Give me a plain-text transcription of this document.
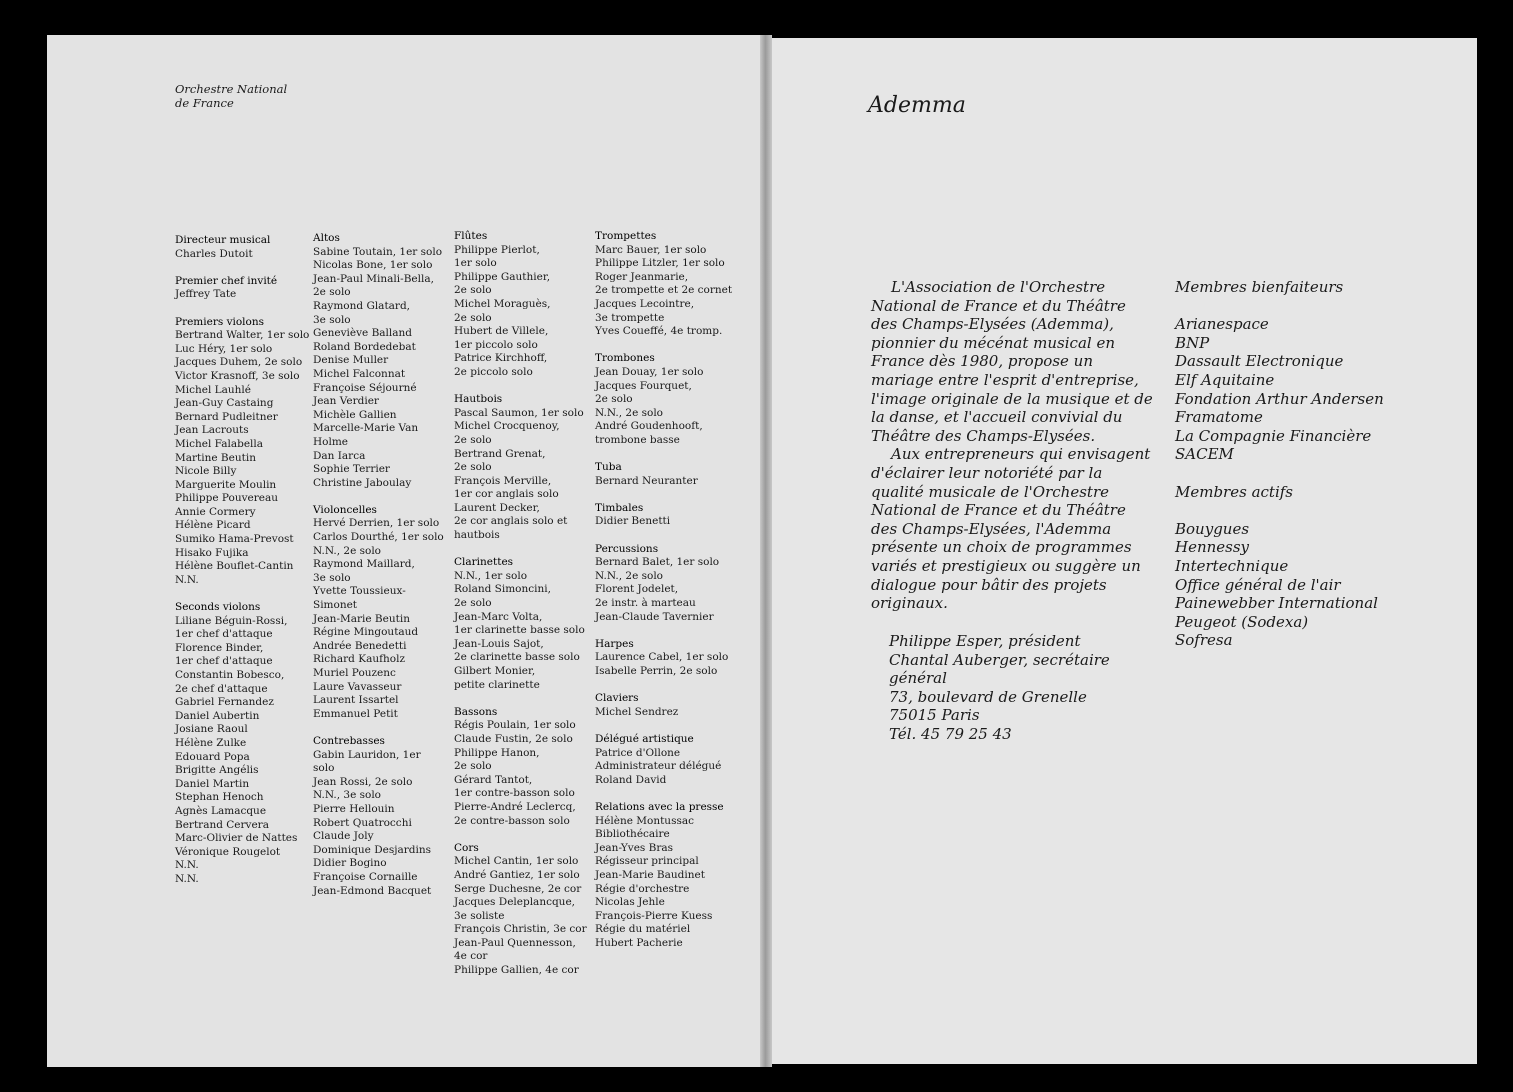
Orchestre National
de France
Directeur musical
Charles Dutoit
Premier chef invité
Jeffrey Tate
Premiers violons
Bertrand Walter, 1er solo
Luc Héry, 1er solo
Jacques Duhem, 2e solo
Victor Krasnoff, 3e solo
Michel Lauhlé
Jean-Guy Castaing
Bernard Pudleitner
Jean Lacrouts
Michel Falabella
Martine Beutin
Nicole Billy
Marguerite Moulin
Philippe Pouvereau
Annie Cormery
Hélène Picard
Sumiko Hama-Prevost
Hisako Fujika
Hélène Bouflet-Cantin
N.N.
Seconds violons
Liliane Béguin-Rossi,
1er chef d'attaque
Florence Binder,
1er chef d'attaque
Constantin Bobesco,
2e chef d'attaque
Gabriel Fernandez
Daniel Aubertin
Josiane Raoul
Hélène Zulke
Edouard Popa
Brigitte Angélis
Daniel Martin
Stephan Henoch
Agnès Lamacque
Bertrand Cervera
Marc-Olivier de Nattes
Véronique Rougelot
N.N.
N.N.
Altos
Sabine Toutain, 1er solo
Nicolas Bone, 1er solo
Jean-Paul Minali-Bella,
2e solo
Raymond Glatard,
3e solo
Geneviève Balland
Roland Bordedebat
Denise Muller
Michel Falconnat
Françoise Séjourné
Jean Verdier
Michèle Gallien
Marcelle-Marie Van
Holme
Dan Iarca
Sophie Terrier
Christine Jaboulay
Violoncelles
Hervé Derrien, 1er solo
Carlos Dourthé, 1er solo
N.N., 2e solo
Raymond Maillard,
3e solo
Yvette Toussieux-
Simonet
Jean-Marie Beutin
Régine Mingoutaud
Andrée Benedetti
Richard Kaufholz
Muriel Pouzenc
Laure Vavasseur
Laurent Issartel
Emmanuel Petit
Contrebasses
Gabin Lauridon, 1er
solo
Jean Rossi, 2e solo
N.N., 3e solo
Pierre Hellouin
Robert Quatrocchi
Claude Joly
Dominique Desjardins
Didier Bogino
Françoise Cornaille
Jean-Edmond Bacquet
Flûtes
Philippe Pierlot,
1er solo
Philippe Gauthier,
2e solo
Michel Moraguès,
2e solo
Hubert de Villele,
1er piccolo solo
Patrice Kirchhoff,
2e piccolo solo
Hautbois
Pascal Saumon, 1er solo
Michel Crocquenoy,
2e solo
Bertrand Grenat,
2e solo
François Merville,
1er cor anglais solo
Laurent Decker,
2e cor anglais solo et
hautbois
Clarinettes
N.N., 1er solo
Roland Simoncini,
2e solo
Jean-Marc Volta,
1er clarinette basse solo
Jean-Louis Sajot,
2e clarinette basse solo
Gilbert Monier,
petite clarinette
Bassons
Régis Poulain, 1er solo
Claude Fustin, 2e solo
Philippe Hanon,
2e solo
Gérard Tantot,
1er contre-basson solo
Pierre-André Leclercq,
2e contre-basson solo
Cors
Michel Cantin, 1er solo
André Gantiez, 1er solo
Serge Duchesne, 2e cor
Jacques Deleplancque,
3e soliste
François Christin, 3e cor
Jean-Paul Quennesson,
4e cor
Philippe Gallien, 4e cor
Trompettes
Marc Bauer, 1er solo
Philippe Litzler, 1er solo
Roger Jeanmarie,
2e trompette et 2e cornet
Jacques Lecointre,
3e trompette
Yves Coueffé, 4e tromp.
Trombones
Jean Douay, 1er solo
Jacques Fourquet,
2e solo
N.N., 2e solo
André Goudenhooft,
trombone basse
Tuba
Bernard Neuranter
Timbales
Didier Benetti
Percussions
Bernard Balet, 1er solo
N.N., 2e solo
Florent Jodelet,
2e instr. à marteau
Jean-Claude Tavernier
Harpes
Laurence Cabel, 1er solo
Isabelle Perrin, 2e solo
Claviers
Michel Sendrez
Délégué artistique
Patrice d'Ollone
Administrateur délégué
Roland David
Relations avec la presse
Hélène Montussac
Bibliothécaire
Jean-Yves Bras
Régisseur principal
Jean-Marie Baudinet
Régie d'orchestre
Nicolas Jehle
François-Pierre Kuess
Régie du matériel
Hubert Pacherie
Ademma

L'Association de l'Orchestre National de France et du Théâtre des Champs-Elysées (Ademma), pionnier du mécénat musical en France dès 1980, propose un mariage entre l'esprit d'entreprise, l'image originale de la musique et de la danse, et l'accueil convivial du Théâtre des Champs-Elysées.

Aux entrepreneurs qui envisagent d'éclairer leur notoriété par la qualité musicale de l'Orchestre National de France et du Théâtre des Champs-Elysées, l'Ademma présente un choix de programmes variés et prestigieux ou suggère un dialogue pour bâtir des projets originaux.

Philippe Esper, président
Chantal Auberger, secrétaire
général
73, boulevard de Grenelle
75015 Paris
Tél. 45 79 25 43
Membres bienfaiteurs
Arianespace
BNP
Dassault Electronique
Elf Aquitaine
Fondation Arthur Andersen
Framatome
La Compagnie Financière
SACEM
Membres actifs
Bouygues
Hennessy
Intertechnique
Office général de l'air
Painewebber International
Peugeot (Sodexa)
Sofresa
